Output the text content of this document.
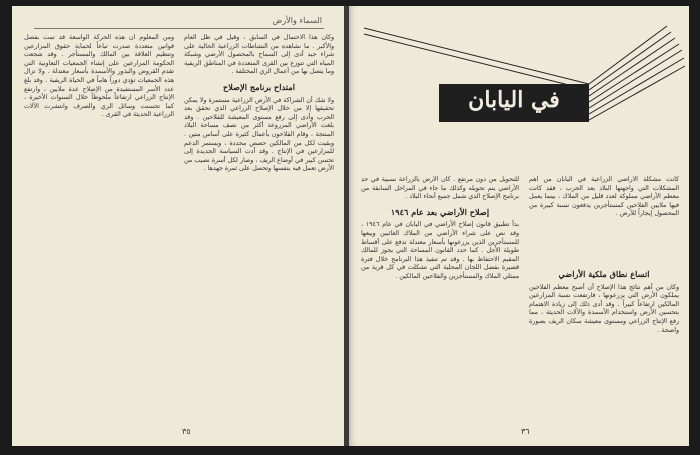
السماء والأرض

وكان هذا الاحتمال في السابق ، وقيل في ظل العام والأكبر . ما نشاهده من النشاطات الزراعية الحالية على شراء جيد أدى إلى السماح بالمحصول الأرضي وشبكة المياه التي تتوزع بين القرى المتعددة في المناطق الريفية وما يتصل بها من أعمال الري المختلفة .

امتداح برنامج الإصلاح

ولا شك أن الشراكة في الأرض الزراعية مستمرة ولا يمكن تحقيقها إلا من خلال الإصلاح الزراعي الذي تحقق بعد الحرب وأدى إلى رفع مستوى المعيشة للفلاحين . وقد بلغت الأراضي المزروعة أكثر من نصف مساحة البلاد المنتجة ، وقام الفلاحون بأعمال كثيرة على أساس متين . وبقيت لكل من المالكين حصص محددة ، ويستمر الدعم للمزارعين في الإنتاج . وقد أدت السياسة الجديدة إلى تحسن كبير في أوضاع الريف ، وصار لكل أسرة نصيب من الأرض تعمل فيه بنفسها وتحصل على ثمرة جهدها .

ومن المعلوم أن هذه الحركة الواسعة قد تمت بفضل قوانين متعددة صدرت تباعاً لحماية حقوق المزارعين وتنظيم العلاقة بين المالك والمستأجر . وقد شجعت الحكومة المزارعين على إنشاء الجمعيات التعاونية التي تقدم القروض والبذور والأسمدة بأسعار معتدلة . ولا تزال هذه الجمعيات تؤدي دوراً هاماً في الحياة الريفية . وقد بلغ عدد الأسر المستفيدة من الإصلاح عدة ملايين ، وارتفع الإنتاج الزراعي ارتفاعاً ملحوظاً خلال السنوات الأخيرة ، كما تحسنت وسائل الري والصرف وانتشرت الآلات الزراعية الحديثة في القرى .

٣٥
في اليابان

كانت مشكلة الأراضي الزراعية في اليابان من أهم المشكلات التي واجهتها البلاد بعد الحرب ، فقد كانت معظم الأراضي مملوكة لعدد قليل من الملاك ، بينما يعمل فيها ملايين الفلاحين كمستأجرين يدفعون نسبة كبيرة من المحصول إيجاراً للأرض .

للتحويل من دون مرتفع . كان الأرض بالزراعة نسبية في حد الأراضي يتم تحويله وكذلك ما جاء في المراحل السابقة من برنامج الإصلاح الذي شمل جميع أنحاء البلاد .

إصلاح الأراضي بعد عام ١٩٤٦

بدأ تطبيق قانون إصلاح الأراضي في اليابان في عام ١٩٤٦ ، وقد نص على شراء الأراضي من الملاك الغائبين وبيعها للمستأجرين الذين يزرعونها بأسعار معتدلة تدفع على أقساط طويلة الأجل . كما حدد القانون المساحة التي يجوز للمالك المقيم الاحتفاظ بها . وقد تم تنفيذ هذا البرنامج خلال فترة قصيرة بفضل اللجان المحلية التي تشكلت في كل قرية من ممثلي الملاك والمستأجرين والفلاحين المالكين .	اتساع نطاق ملكية الأراضي

وكان من أهم نتائج هذا الإصلاح أن أصبح معظم الفلاحين يملكون الأرض التي يزرعونها ، فارتفعت نسبة المزارعين المالكين ارتفاعاً كبيراً . وقد أدى ذلك إلى زيادة الاهتمام بتحسين الأرض واستخدام الأسمدة والآلات الحديثة ، مما رفع الإنتاج الزراعي ومستوى معيشة سكان الريف بصورة واضحة .

٣٦
